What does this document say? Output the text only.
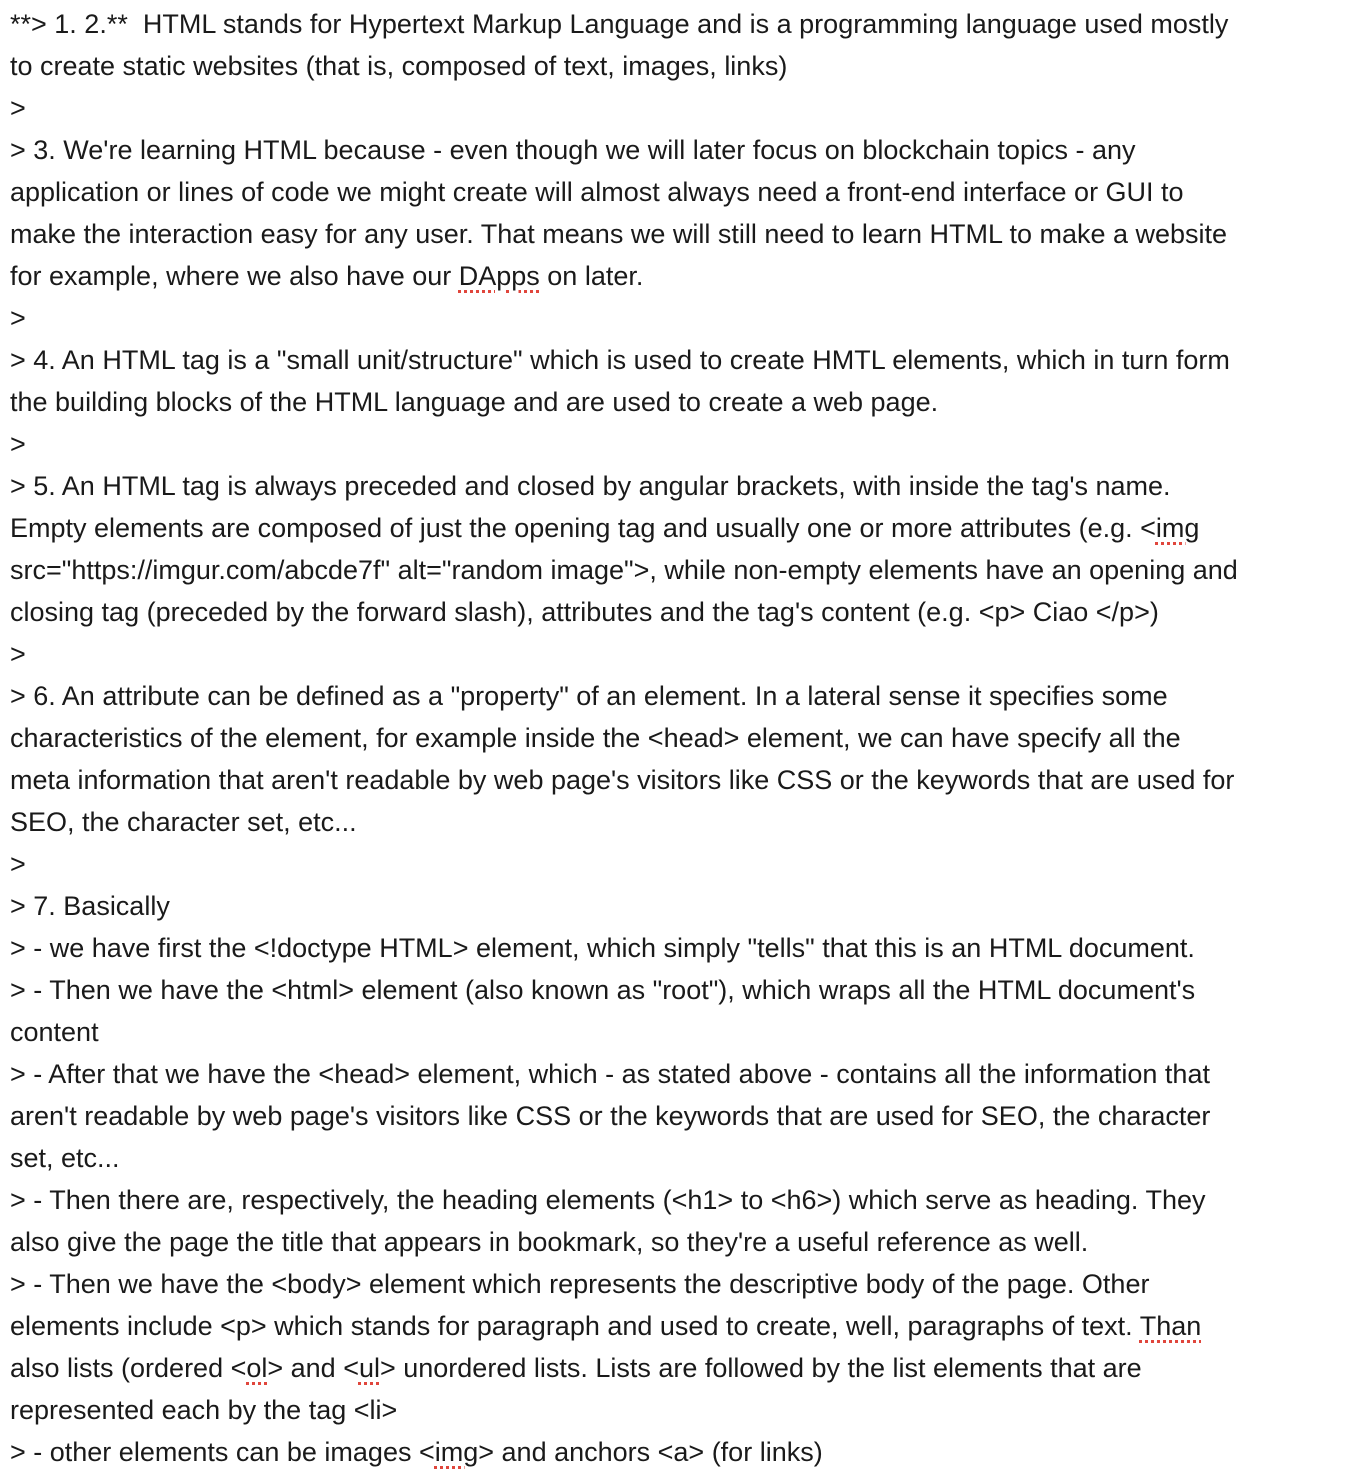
**> 1. 2.**  HTML stands for Hypertext Markup Language and is a programming language used mostly
to create static websites (that is, composed of text, images, links)
>
> 3. We're learning HTML because - even though we will later focus on blockchain topics - any
application or lines of code we might create will almost always need a front-end interface or GUI to
make the interaction easy for any user. That means we will still need to learn HTML to make a website
for example, where we also have our DApps on later.
>
> 4. An HTML tag is a "small unit/structure" which is used to create HMTL elements, which in turn form
the building blocks of the HTML language and are used to create a web page.
>
> 5. An HTML tag is always preceded and closed by angular brackets, with inside the tag's name.
Empty elements are composed of just the opening tag and usually one or more attributes (e.g. <img
src="https://imgur.com/abcde7f" alt="random image">, while non-empty elements have an opening and
closing tag (preceded by the forward slash), attributes and the tag's content (e.g. <p> Ciao </p>)
>
> 6. An attribute can be defined as a "property" of an element. In a lateral sense it specifies some
characteristics of the element, for example inside the <head> element, we can have specify all the
meta information that aren't readable by web page's visitors like CSS or the keywords that are used for
SEO, the character set, etc...
>
> 7. Basically
> - we have first the <!doctype HTML> element, which simply "tells" that this is an HTML document.
> - Then we have the <html> element (also known as "root"), which wraps all the HTML document's
content
> - After that we have the <head> element, which - as stated above - contains all the information that
aren't readable by web page's visitors like CSS or the keywords that are used for SEO, the character
set, etc...
> - Then there are, respectively, the heading elements (<h1> to <h6>) which serve as heading. They
also give the page the title that appears in bookmark, so they're a useful reference as well.
> - Then we have the <body> element which represents the descriptive body of the page. Other
elements include <p> which stands for paragraph and used to create, well, paragraphs of text. Than
also lists (ordered <ol> and <ul> unordered lists. Lists are followed by the list elements that are
represented each by the tag <li>
> - other elements can be images <img> and anchors <a> (for links)
